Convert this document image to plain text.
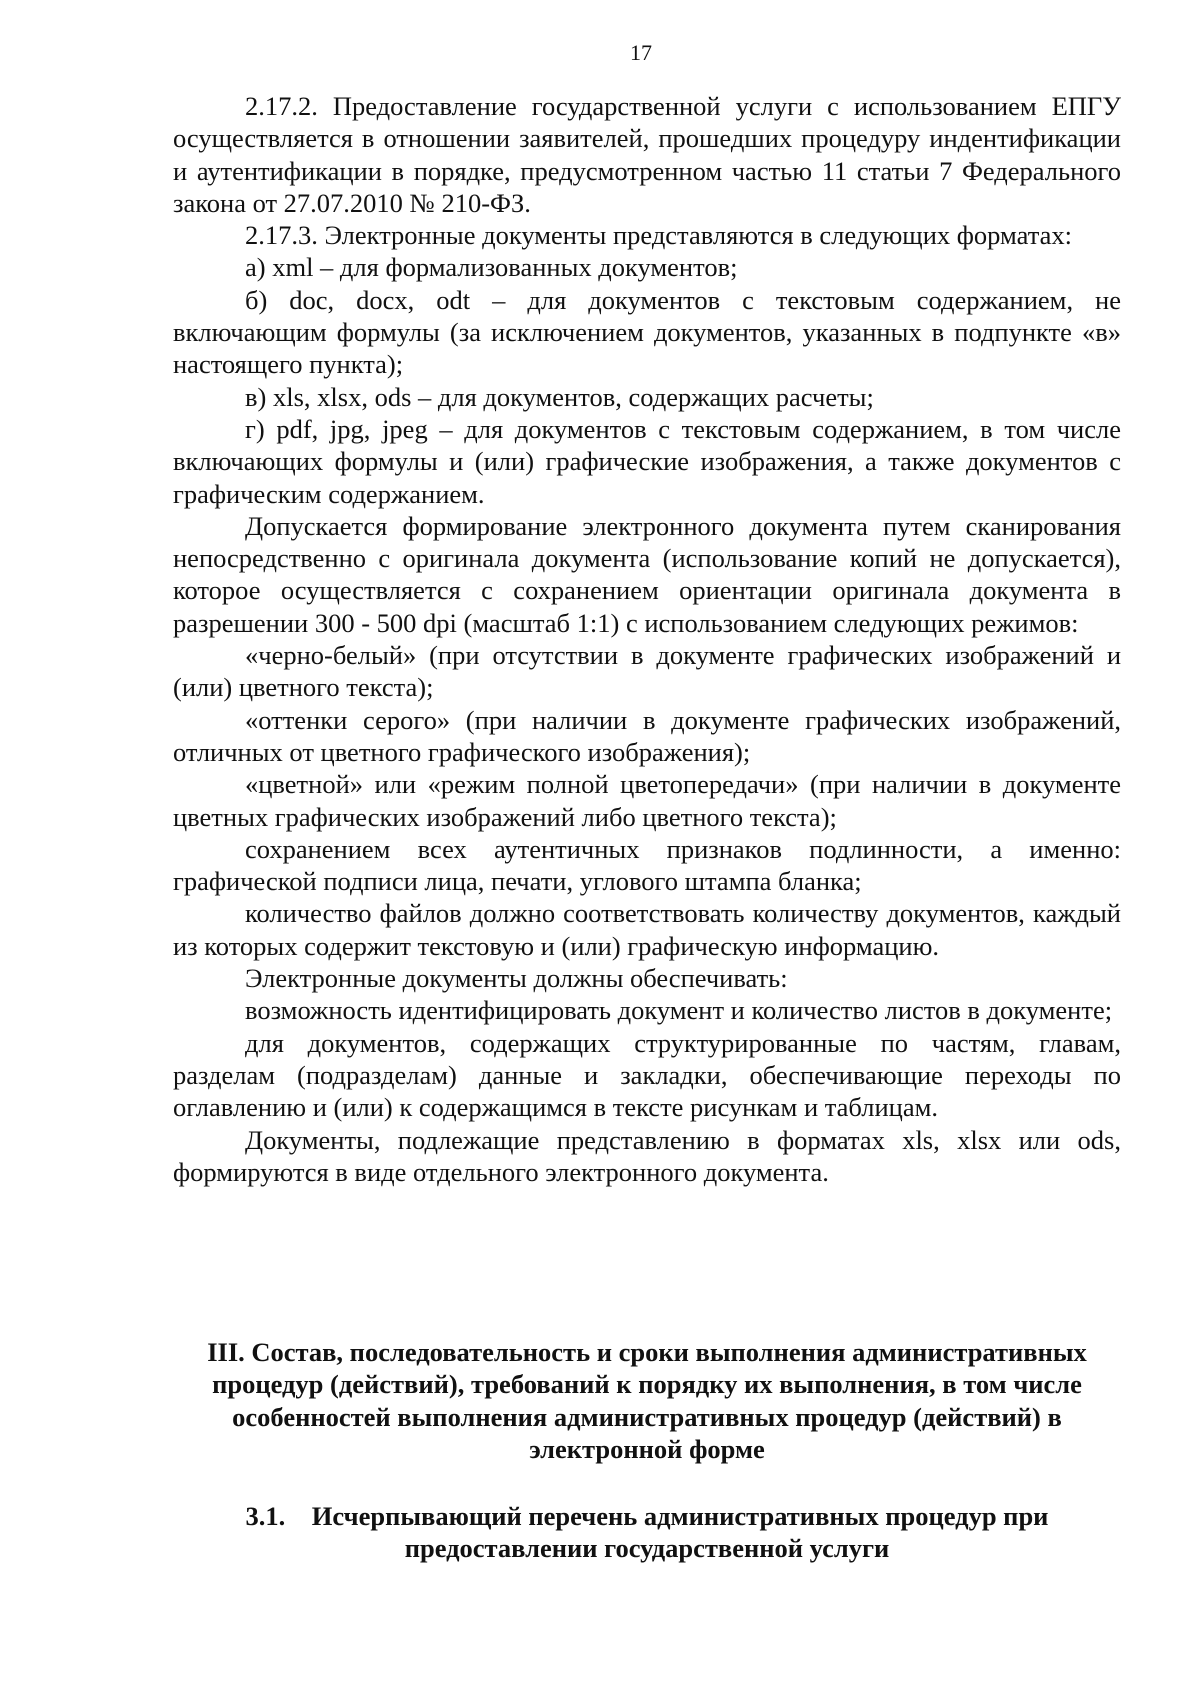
17

2.17.2. Предоставление государственной услуги с использованием ЕПГУ осуществляется в отношении заявителей, прошедших процедуру индентификации и аутентификации в порядке, предусмотренном частью 11 статьи 7 Федерального закона от 27.07.2010 № 210-ФЗ.

2.17.3. Электронные документы представляются в следующих форматах:

а) xml – для формализованных документов;

б) doc, docx, odt – для документов с текстовым содержанием, не включающим формулы (за исключением документов, указанных в подпункте «в» настоящего пункта);

в) xls, xlsx, ods – для документов, содержащих расчеты;

г) pdf, jpg, jpeg – для документов с текстовым содержанием, в том числе включающих формулы и (или) графические изображения, а также документов с графическим содержанием.

Допускается формирование электронного документа путем сканирования непосредственно с оригинала документа (использование копий не допускается), которое осуществляется с сохранением ориентации оригинала документа в разрешении 300 - 500 dpi (масштаб 1:1) с использованием следующих режимов:

«черно-белый» (при отсутствии в документе графических изображений и (или) цветного текста);

«оттенки серого» (при наличии в документе графических изображений, отличных от цветного графического изображения);

«цветной» или «режим полной цветопередачи» (при наличии в документе цветных графических изображений либо цветного текста);

сохранением всех аутентичных признаков подлинности, а именно: графической подписи лица, печати, углового штампа бланка;

количество файлов должно соответствовать количеству документов, каждый из которых содержит текстовую и (или) графическую информацию.

Электронные документы должны обеспечивать:

возможность идентифицировать документ и количество листов в документе;

для документов, содержащих структурированные по частям, главам, разделам (подразделам) данные и закладки, обеспечивающие переходы по оглавлению и (или) к содержащимся в тексте рисункам и таблицам.

Документы, подлежащие представлению в форматах xls, xlsx или ods, формируются в виде отдельного электронного документа.

III. Состав, последовательность и сроки выполнения административных

процедур (действий), требований к порядку их выполнения, в том числе

особенностей выполнения административных процедур (действий) в

электронной форме

3.1. Исчерпывающий перечень административных процедур при

предоставлении государственной услуги
